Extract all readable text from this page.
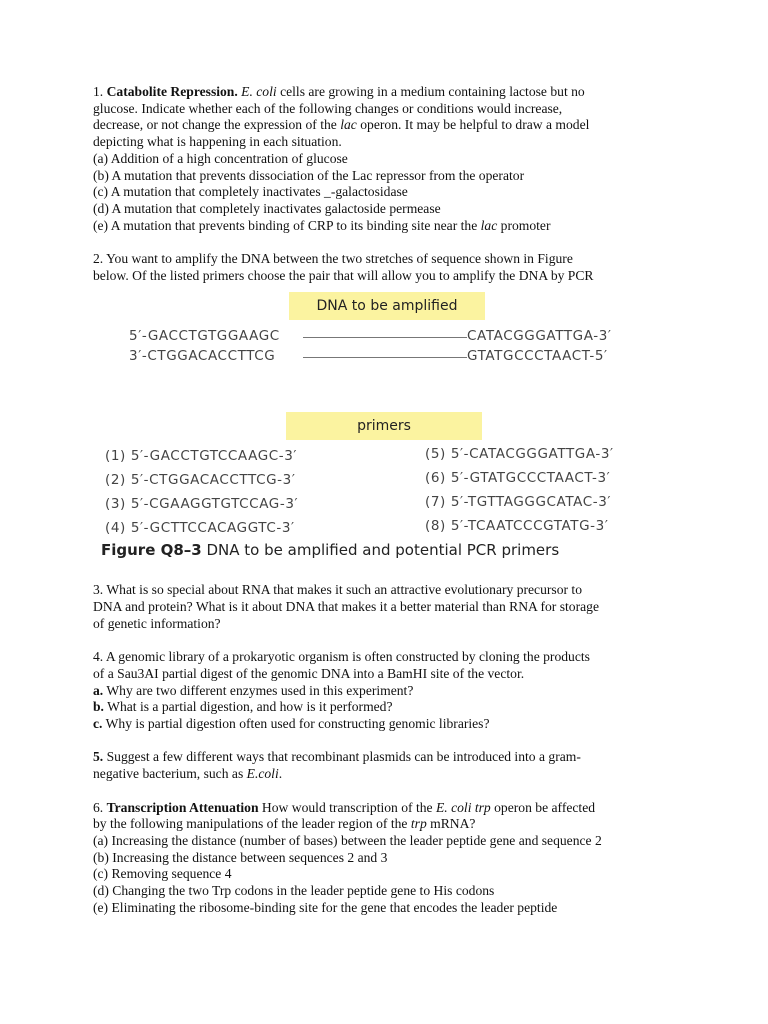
1. Catabolite Repression. E. coli cells are growing in a medium containing lactose but no
glucose. Indicate whether each of the following changes or conditions would increase,
decrease, or not change the expression of the lac operon. It may be helpful to draw a model
depicting what is happening in each situation.
(a) Addition of a high concentration of glucose
(b) A mutation that prevents dissociation of the Lac repressor from the operator
(c) A mutation that completely inactivates _-galactosidase
(d) A mutation that completely inactivates galactoside permease
(e) A mutation that prevents binding of CRP to its binding site near the lac promoter
2. You want to amplify the DNA between the two stretches of sequence shown in Figure
below. Of the listed primers choose the pair that will allow you to amplify the DNA by PCR
DNA to be amplified
5′-GACCTGTGGAAGC	CATACGGGATTGA-3′
3′-CTGGACACCTTCG	GTATGCCCTAACT-5′
primers
(1) 5′-GACCTGTCCAAGC-3′
(2) 5′-CTGGACACCTTCG-3′
(3) 5′-CGAAGGTGTCCAG-3′
(4) 5′-GCTTCCACAGGTC-3′
(5) 5′-CATACGGGATTGA-3′
(6) 5′-GTATGCCCTAACT-3′
(7) 5′-TGTTAGGGCATAC-3′
(8) 5′-TCAATCCCGTATG-3′
Figure Q8–3 DNA to be amplified and potential PCR primers
3. What is so special about RNA that makes it such an attractive evolutionary precursor to
DNA and protein? What is it about DNA that makes it a better material than RNA for storage
of genetic information?
4. A genomic library of a prokaryotic organism is often constructed by cloning the products
of a Sau3AI partial digest of the genomic DNA into a BamHI site of the vector.
a. Why are two different enzymes used in this experiment?
b. What is a partial digestion, and how is it performed?
c. Why is partial digestion often used for constructing genomic libraries?
5. Suggest a few different ways that recombinant plasmids can be introduced into a gram-
negative bacterium, such as E.coli.
6. Transcription Attenuation How would transcription of the E. coli trp operon be affected
by the following manipulations of the leader region of the trp mRNA?
(a) Increasing the distance (number of bases) between the leader peptide gene and sequence 2
(b) Increasing the distance between sequences 2 and 3
(c) Removing sequence 4
(d) Changing the two Trp codons in the leader peptide gene to His codons
(e) Eliminating the ribosome-binding site for the gene that encodes the leader peptide
